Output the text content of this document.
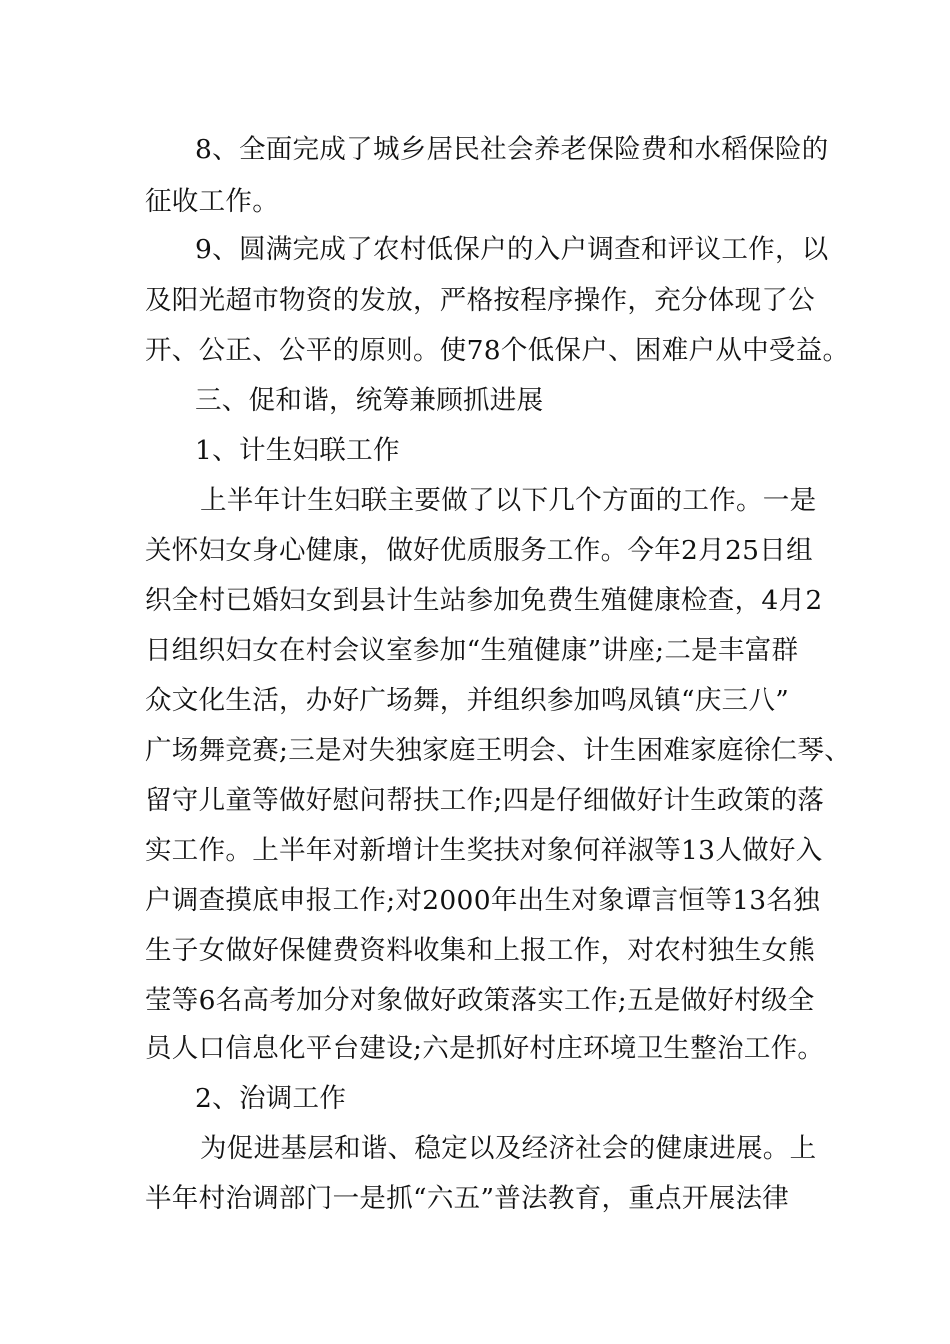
8、全面完成了城乡居民社会养老保险费和水稻保险的
征收工作。
9、圆满完成了农村低保户的入户调查和评议工作，以
及阳光超市物资的发放，严格按程序操作，充分体现了公
开、公正、公平的原则。使78个低保户、困难户从中受益。
三、促和谐，统筹兼顾抓进展
1、计生妇联工作
上半年计生妇联主要做了以下几个方面的工作。一是
关怀妇女身心健康，做好优质服务工作。今年2月25日组
织全村已婚妇女到县计生站参加免费生殖健康检查，4月2
日组织妇女在村会议室参加“生殖健康”讲座;二是丰富群
众文化生活，办好广场舞，并组织参加鸣凤镇“庆三八”
广场舞竞赛;三是对失独家庭王明会、计生困难家庭徐仁琴、
留守儿童等做好慰问帮扶工作;四是仔细做好计生政策的落
实工作。上半年对新增计生奖扶对象何祥淑等13人做好入
户调查摸底申报工作;对2000年出生对象谭言恒等13名独
生子女做好保健费资料收集和上报工作，对农村独生女熊
莹等6名高考加分对象做好政策落实工作;五是做好村级全
员人口信息化平台建设;六是抓好村庄环境卫生整治工作。
2、治调工作
为促进基层和谐、稳定以及经济社会的健康进展。上
半年村治调部门一是抓“六五”普法教育，重点开展法律
